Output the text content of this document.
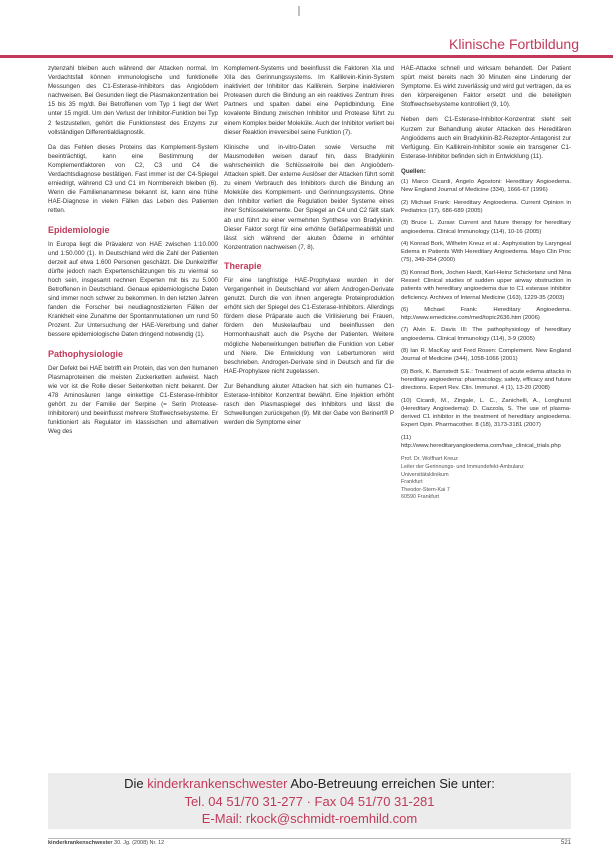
Klinische Fortbildung

zytenzahl bleiben auch während der Attacken normal. Im Verdachtsfall können immunologische und funktionelle Messungen des C1-Esterase-Inhibitors das Angioödem nachweisen. Bei Gesunden liegt die Plasmakonzentration bei 15 bis 35 mg/dl. Bei Betroffenen vom Typ 1 liegt der Wert unter 15 mg/dl. Um den Verlust der Inhibitor-Funktion bei Typ 2 festzustellen, gehört die Funktionstest des Enzyms zur vollständigen Differentialdiagnostik.

Da das Fehlen dieses Proteins das Komplement-System beeinträchtigt, kann eine Bestimmung der Komplementfaktoren von C2, C3 und C4 die Verdachtsdiagnose bestätigen. Fast immer ist der C4-Spiegel erniedrigt, während C3 und C1 im Normbereich bleiben (6). Wenn die Familienanamnese bekannt ist, kann eine frühe HAE-Diagnose in vielen Fällen das Leben des Patienten retten.

Epidemiologie

In Europa liegt die Prävalenz von HAE zwischen 1:10.000 und 1:50.000 (1). In Deutschland wird die Zahl der Patienten derzeit auf etwa 1.600 Personen geschätzt. Die Dunkelziffer dürfte jedoch nach Expertenschätzungen bis zu viermal so hoch sein, insgesamt rechnen Experten mit bis zu 5.000 Betroffenen in Deutschland. Genaue epidemiologische Daten sind immer noch schwer zu bekommen. In den letzten Jahren fanden die Forscher bei neudiagnostizierten Fällen der Krankheit eine Zunahme der Spontanmutationen um rund 50 Prozent. Zur Untersuchung der HAE-Vererbung und daher bessere epidemiologische Daten dringend notwendig (1).

Pathophysiologie

Der Defekt bei HAE betrifft ein Protein, das von den humanen Plasmaproteinen die meisten Zuckerketten aufweist. Nach wie vor ist die Rolle dieser Seitenketten nicht bekannt. Der 478 Aminosäuren lange einkettige C1-Esterase-Inhibitor gehört zu der Familie der Serpine (= Serin Protease-Inhibitoren) und beeinflusst mehrere Stoffwechselsysteme. Er funktioniert als Regulator im klassischen und alternativen Weg des

Komplement-Systems und beeinflusst die Faktoren XIa und XIIa des Gerinnungssystems. Im Kallikrein-Kinin-System inaktiviert der Inhibitor das Kallikrein. Serpine inaktivieren Proteasen durch die Bindung an ein reaktives Zentrum ihres Partners und spalten dabei eine Peptidbindung. Eine kovalente Bindung zwischen Inhibitor und Protease führt zu einem Komplex beider Moleküle. Auch der Inhibitor verliert bei dieser Reaktion irreversibel seine Funktion (7).

Klinische und in-vitro-Daten sowie Versuche mit Mausmodellen weisen darauf hin, dass Bradykinin wahrscheinlich die Schlüsselrolle bei den Angioödem-Attacken spielt. Der externe Auslöser der Attacken führt somit zu einem Verbrauch des Inhibitors durch die Bindung an Moleküle des Komplement- und Gerinnungssystems. Ohne den Inhibitor verliert die Regulation beider Systeme eines ihrer Schlüsselelemente. Der Spiegel an C4 und C2 fällt stark ab und führt zu einer vermehrten Synthese von Bradykinin. Dieser Faktor sorgt für eine erhöhte Gefäßpermeabilität und lässt sich während der akuten Ödeme in erhöhter Konzentration nachweisen (7, 8).

Therapie

Für eine langfristige HAE-Prophylaxe wurden in der Vergangenheit in Deutschland vor allem Androgen-Derivate genutzt. Durch die von ihnen angeregte Proteinproduktion erhöht sich der Spiegel des C1-Esterase-Inhibitors. Allerdings fördern diese Präparate auch die Virilisierung bei Frauen, fördern den Muskelaufbau und beeinflussen den Hormonhaushalt auch die Psyche der Patienten. Weitere mögliche Nebenwirkungen betreffen die Funktion von Leber und Niere. Die Entwicklung von Lebertumoren wird beschrieben. Androgen-Derivate sind in Deutsch and für die HAE-Prophylaxe nicht zugelassen.

Zur Behandlung akuter Attacken hat sich ein humanes C1-Esterase-Inhibitor Konzentrat bewährt. Eine Injektion erhöht rasch den Plasmaspiegel des Inhibitors und lässt die Schwellungen zurückgehen (9). Mit der Gabe von Berinert® P werden die Symptome einer

HAE-Attacke schnell und wirksam behandelt. Der Patient spürt meist bereits nach 30 Minuten eine Linderung der Symptome. Es wirkt zuverlässig und wird gut vertragen, da es den körpereigenen Faktor ersetzt und die beteiligten Stoffwechselsysteme kontrolliert (9, 10).

Neben dem C1-Esterase-Inhibitor-Konzentrat steht seit Kurzem zur Behandlung akuter Attacken des Hereditären Angioödems auch ein Bradykinin-B2-Rezeptor-Antagonist zur Verfügung. Ein Kallikrein-Inhibitor sowie ein transgener C1-Esterase-Inhibitor befinden sich in Entwicklung (11).

Quellen:
(1) Marco Cicardi, Angelo Agostoni: Hereditary Angioedema. New England Journal of Medicine (334), 1666-67 (1996)
(2) Michael Frank: Hereditary Angioedema. Current Opinion in Pediatrics (17), 686-689 (2005)
(3) Bruce L. Zuraw: Current and future therapy for hereditary angioedema. Clinical Immunology (114), 10-16 (2005)
(4) Konrad Bork, Wilhelm Kreuz et al.: Asphyxiation by Laryngeal Edema in Patients With Hereditary Angioedema. Mayo Clin Proc (75), 349-354 (2000)
(5) Konrad Bork, Jochen Hardt, Karl-Heinz Schicketanz und Nina Ressel: Clinical studies of sudden upper airway obstruction in patients with hereditary angioedema due to C1 esterase inhibitor deficiency. Archives of Internal Medicine (163), 1229-35 (2003)
(6) Michael Frank: Hereditary Angioedema. http://www.emedicine.com/med/topic2636.htm (2006)
(7) Alvin E. Davis III: The pathophysiology of hereditary angioedema. Clinical Immunology (114), 3-9 (2005)
(8) Ian R. MacKay and Fred Rosen: Complement. New England Journal of Medicine (344), 1058-1066 (2001)
(9) Bork, K. Barnstedt S.E.: Treatment of acute edema attacks in hereditary angioedema: pharmacology, safety, efficacy and future directions. Expert Rev. Clin. Immunol. 4 (1), 13-20 (2008)
(10) Cicardi, M., Zingale, L. C., Zanichelli, A., Longhurst (Hereditary Angioedema): D. Cazzola, S. The use of plasma-derived C1 inhibitor in the treatment of hereditary angioedema. Expert Opin. Pharmacother. 8 (18), 3173-3181 (2007)
(11) http://www.hereditaryangioedema.com/hae_clinical_trials.php
Prof. Dr. Wolfhart Kreuz
Leiter der Gerinnungs- und Immundefekt-Ambulanz
Universitätsklinikum
Frankfurt
Theodor-Stern-Kai 7
60590 Frankfurt
Die kinderkrankenschwester Abo-Betreuung erreichen Sie unter:
Tel. 04 51/70 31-277 · Fax 04 51/70 31-281
E-Mail: rkock@schmidt-roemhild.com
kinderkrankenschwester 30. Jg. (2008) Nr. 12	521
